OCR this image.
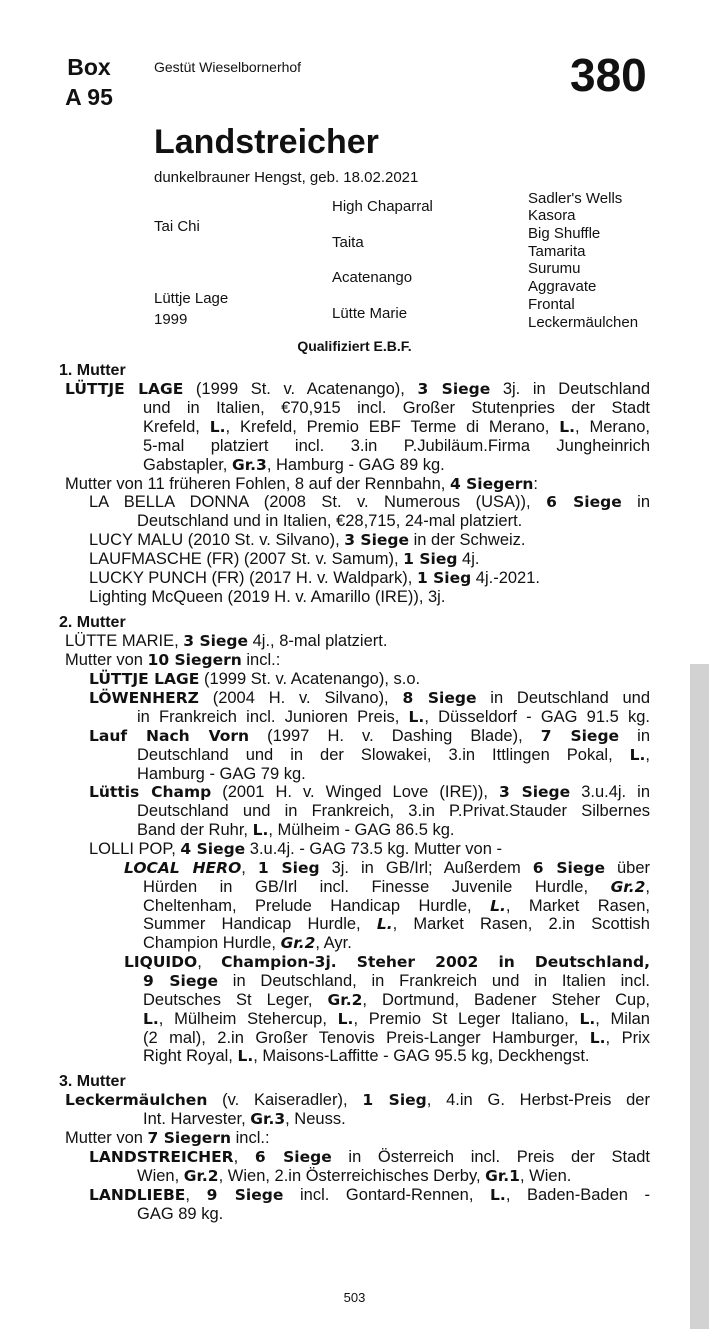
Box
A 95
Gestüt Wieselbornerhof	380
Landstreicher
dunkelbrauner Hengst, geb. 18.02.2021
Tai Chi
Lüttje Lage
1999
High Chaparral
Taita
Acatenango
Lütte Marie
Sadler's Wells
Kasora
Big Shuffle
Tamarita
Surumu
Aggravate
Frontal
Leckermäulchen
Qualifiziert E.B.F.
1. Mutter
2. Mutter
3. Mutter
LÜTTJE LAGE (1999 St. v. Acatenango), 3 Siege 3j. in Deutschland
und in Italien, €70,915 incl. Großer Stutenpries der Stadt
Krefeld, L., Krefeld, Premio EBF Terme di Merano, L., Merano,
5-mal platziert incl. 3.in P.Jubiläum.Firma Jungheinrich
Gabstapler, Gr.3, Hamburg - GAG 89 kg.
Mutter von 11 früheren Fohlen, 8 auf der Rennbahn, 4 Siegern:
LA BELLA DONNA (2008 St. v. Numerous (USA)), 6 Siege in
Deutschland und in Italien, €28,715, 24-mal platziert.
LUCY MALU (2010 St. v. Silvano), 3 Siege in der Schweiz.
LAUFMASCHE (FR) (2007 St. v. Samum), 1 Sieg 4j.
LUCKY PUNCH (FR) (2017 H. v. Waldpark), 1 Sieg 4j.-2021.
Lighting McQueen (2019 H. v. Amarillo (IRE)), 3j.
LÜTTE MARIE, 3 Siege 4j., 8-mal platziert.
Mutter von 10 Siegern incl.:
LÜTTJE LAGE (1999 St. v. Acatenango), s.o.
LÖWENHERZ (2004 H. v. Silvano), 8 Siege in Deutschland und
in Frankreich incl. Junioren Preis, L., Düsseldorf - GAG 91.5 kg.
Lauf Nach Vorn (1997 H. v. Dashing Blade), 7 Siege in
Deutschland und in der Slowakei, 3.in Ittlingen Pokal, L.,
Hamburg - GAG 79 kg.
Lüttis Champ (2001 H. v. Winged Love (IRE)), 3 Siege 3.u.4j. in
Deutschland und in Frankreich, 3.in P.Privat.Stauder Silbernes
Band der Ruhr, L., Mülheim - GAG 86.5 kg.
LOLLI POP, 4 Siege 3.u.4j. - GAG 73.5 kg. Mutter von -
LOCAL HERO, 1 Sieg 3j. in GB/Irl; Außerdem 6 Siege über
Hürden in GB/Irl incl. Finesse Juvenile Hurdle, Gr.2,
Cheltenham, Prelude Handicap Hurdle, L., Market Rasen,
Summer Handicap Hurdle, L., Market Rasen, 2.in Scottish
Champion Hurdle, Gr.2, Ayr.
LIQUIDO, Champion-3j. Steher 2002 in Deutschland,
9 Siege in Deutschland, in Frankreich und in Italien incl.
Deutsches St Leger, Gr.2, Dortmund, Badener Steher Cup,
L., Mülheim Stehercup, L., Premio St Leger Italiano, L., Milan
(2 mal), 2.in Großer Tenovis Preis-Langer Hamburger, L., Prix
Right Royal, L., Maisons-Laffitte - GAG 95.5 kg, Deckhengst.
Leckermäulchen (v. Kaiseradler), 1 Sieg, 4.in G. Herbst-Preis der
Int. Harvester, Gr.3, Neuss.
Mutter von 7 Siegern incl.:
LANDSTREICHER, 6 Siege in Österreich incl. Preis der Stadt
Wien, Gr.2, Wien, 2.in Österreichisches Derby, Gr.1, Wien.
LANDLIEBE, 9 Siege incl. Gontard-Rennen, L., Baden-Baden -
GAG 89 kg.
503
